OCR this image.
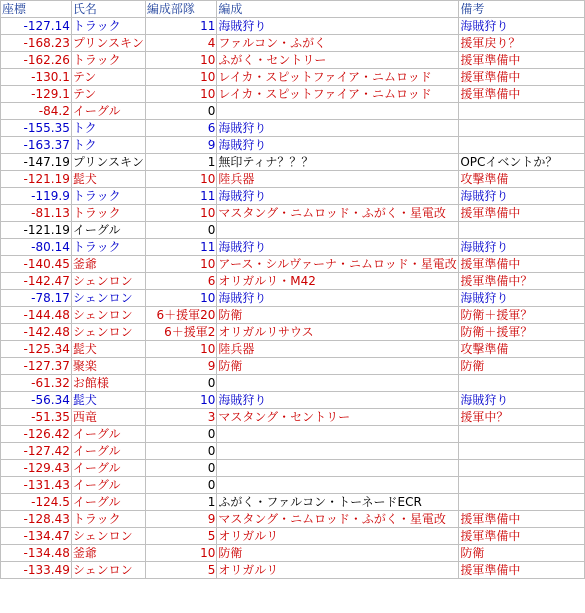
座標	氏名	編成部隊	編成	備考
-127.14	トラック	11	海賊狩り	海賊狩り
-168.23	プリンスキン	4	ファルコン・ふがく	援軍戻り？
-162.26	トラック	10	ふがく・セントリー	援軍準備中
-130.1	テン	10	レイカ・スピットファイア・ニムロッド	援軍準備中
-129.1	テン	10	レイカ・スピットファイア・ニムロッド	援軍準備中
-84.2	イーグル	0		
-155.35	トク	6	海賊狩り	
-163.37	トク	9	海賊狩り	
-147.19	プリンスキン	1	無印ティナ？？？	OPCイベントか？
-121.19	髭犬	10	陸兵器	攻撃準備
-119.9	トラック	11	海賊狩り	海賊狩り
-81.13	トラック	10	マスタング・ニムロッド・ふがく・星電改	援軍準備中
-121.19	イーグル	0		
-80.14	トラック	11	海賊狩り	海賊狩り
-140.45	釜爺	10	アース・シルヴァーナ・ニムロッド・星電改	援軍準備中
-142.47	シェンロン	6	オリガルリ・M42	援軍準備中？
-78.17	シェンロン	10	海賊狩り	海賊狩り
-144.48	シェンロン	6＋援軍20	防衛	防衛＋援軍？
-142.48	シェンロン	6＋援軍2	オリガルリサウス	防衛＋援軍？
-125.34	髭犬	10	陸兵器	攻撃準備
-127.37	聚楽	9	防衛	防衛
-61.32	お館様	0		
-56.34	髭犬	10	海賊狩り	海賊狩り
-51.35	西竜	3	マスタング・セントリー	援軍中？
-126.42	イーグル	0		
-127.42	イーグル	0		
-129.43	イーグル	0		
-131.43	イーグル	0		
-124.5	イーグル	1	ふがく・ファルコン・トーネードECR	
-128.43	トラック	9	マスタング・ニムロッド・ふがく・星電改	援軍準備中
-134.47	シェンロン	5	オリガルリ	援軍準備中
-134.48	釜爺	10	防衛	防衛
-133.49	シェンロン	5	オリガルリ	援軍準備中
